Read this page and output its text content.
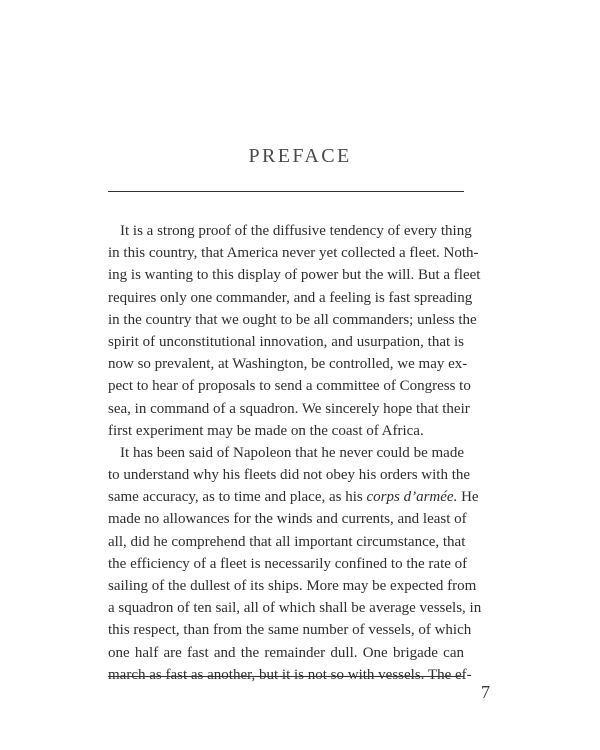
PREFACE
It is a strong proof of the diffusive tendency of every thing
in this country, that America never yet collected a fleet. Noth-
ing is wanting to this display of power but the will. But a fleet
requires only one commander, and a feeling is fast spreading
in the country that we ought to be all commanders; unless the
spirit of unconstitutional innovation, and usurpation, that is
now so prevalent, at Washington, be controlled, we may ex-
pect to hear of proposals to send a committee of Congress to
sea, in command of a squadron. We sincerely hope that their
first experiment may be made on the coast of Africa.
It has been said of Napoleon that he never could be made
to understand why his fleets did not obey his orders with the
same accuracy, as to time and place, as his corps d’armée. He
made no allowances for the winds and currents, and least of
all, did he comprehend that all important circumstance, that
the efficiency of a fleet is necessarily confined to the rate of
sailing of the dullest of its ships. More may be expected from
a squadron of ten sail, all of which shall be average vessels, in
this respect, than from the same number of vessels, of which
one half are fast and the remainder dull. One brigade can
march as fast as another, but it is not so with vessels. The ef-
7
